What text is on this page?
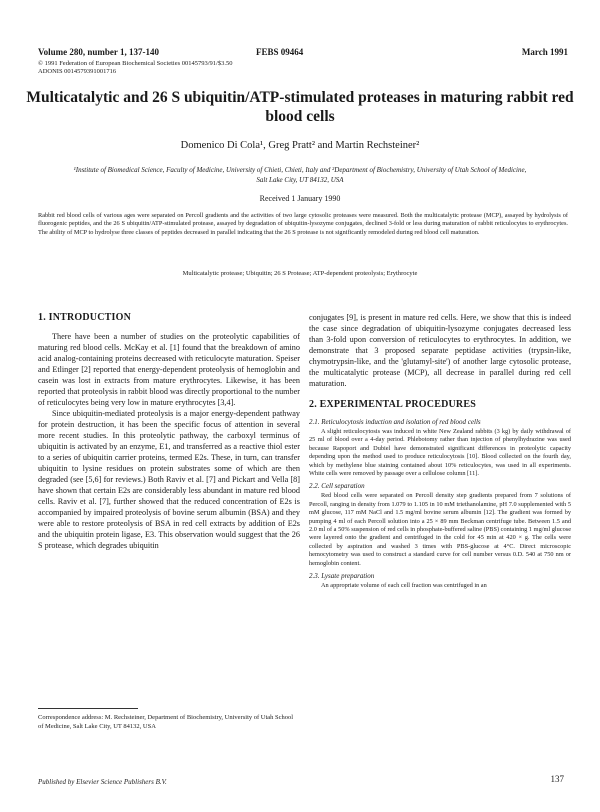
Volume 280, number 1, 137-140	FEBS 09464	March 1991
© 1991 Federation of European Biochemical Societies 00145793/91/$3.50
ADONIS 0014579391001716
Multicatalytic and 26 S ubiquitin/ATP-stimulated proteases in maturing rabbit red blood cells
Domenico Di Cola¹, Greg Pratt² and Martin Rechsteiner²
¹Institute of Biomedical Science, Faculty of Medicine, University of Chieti, Chieti, Italy and ²Department of Biochemistry, University of Utah School of Medicine, Salt Lake City, UT 84132, USA
Received 1 January 1990
Rabbit red blood cells of various ages were separated on Percoll gradients and the activities of two large cytosolic proteases were measured. Both the multicatalytic protease (MCP), assayed by hydrolysis of fluorogenic peptides, and the 26 S ubiquitin/ATP-stimulated protease, assayed by degradation of ubiquitin-lysozyme conjugates, declined 3-fold or less during maturation of rabbit reticulocytes to erythrocytes. The ability of MCP to hydrolyse three classes of peptides decreased in parallel indicating that the 26 S protease is not significantly remodeled during red blood cell maturation.
Multicatalytic protease; Ubiquitin; 26 S Protease; ATP-dependent proteolysis; Erythrocyte
1. INTRODUCTION

There have been a number of studies on the proteolytic capabilities of maturing red blood cells. McKay et al. [1] found that the breakdown of amino acid analog-containing proteins decreased with reticulocyte maturation. Speiser and Etlinger [2] reported that energy-dependent proteolysis of hemoglobin and casein was lost in extracts from mature erythrocytes. Likewise, it has been reported that proteolysis in rabbit blood was directly proportional to the number of reticulocytes being very low in mature erythrocytes [3,4].

Since ubiquitin-mediated proteolysis is a major energy-dependent pathway for protein destruction, it has been the specific focus of attention in several more recent studies. In this proteolytic pathway, the carboxyl terminus of ubiquitin is activated by an enzyme, E1, and transferred as a reactive thiol ester to a series of ubiquitin carrier proteins, termed E2s. These, in turn, can transfer ubiquitin to lysine residues on protein substrates some of which are then degraded (see [5,6] for reviews.) Both Raviv et al. [7] and Pickart and Vella [8] have shown that certain E2s are considerably less abundant in mature red blood cells. Raviv et al. [7], further showed that the reduced concentration of E2s is accompanied by impaired proteolysis of bovine serum albumin (BSA) and they were able to restore proteolysis of BSA in red cell extracts by addition of E2s and the ubiquitin protein ligase, E3. This observation would suggest that the 26 S protease, which degrades ubiquitin

Correspondence address: M. Rechsteiner, Department of Biochemistry, University of Utah School of Medicine, Salt Lake City, UT 84132, USA

conjugates [9], is present in mature red cells. Here, we show that this is indeed the case since degradation of ubiquitin-lysozyme conjugates decreased less than 3-fold upon conversion of reticulocytes to erythrocytes. In addition, we demonstrate that 3 proposed separate peptidase activities (trypsin-like, chymotrypsin-like, and the 'glutamyl-site') of another large cytosolic protease, the multicatalytic protease (MCP), all decrease in parallel during red cell maturation.

2. EXPERIMENTAL PROCEDURES
2.1. Reticulocytosis induction and isolation of red blood cells

A slight reticulocytosis was induced in white New Zealand rabbits (3 kg) by daily withdrawal of 25 ml of blood over a 4-day period. Phlebotomy rather than injection of phenylhydrazine was used because Rapoport and Dubiel have demonstrated significant differences in proteolytic capacity depending upon the method used to produce reticulocytosis [10]. Blood collected on the fourth day, which by methylene blue staining contained about 10% reticulocytes, was used in all experiments. White cells were removed by passage over a cellulose column [11].

2.2. Cell separation

Red blood cells were separated on Percoll density step gradients prepared from 7 solutions of Percoll, ranging in density from 1.079 to 1.105 in 10 mM triethanolamine, pH 7.0 supplemented with 5 mM glucose, 117 mM NaCl and 1.5 mg/ml bovine serum albumin [12]. The gradient was formed by pumping 4 ml of each Percoll solution into a 25 × 89 mm Beckman centrifuge tube. Between 1.5 and 2.0 ml of a 50% suspension of red cells in phosphate-buffered saline (PBS) containing 1 mg/ml glucose were layered onto the gradient and centrifuged in the cold for 45 min at 420 × g. The cells were collected by aspiration and washed 3 times with PBS-glucose at 4°C. Direct microscopic hemocytometry was used to construct a standard curve for cell number versus 0.D. 540 at 750 nm or hemoglobin content.

2.3. Lysate preparation

An appropriate volume of each cell fraction was centrifuged in an

Published by Elsevier Science Publishers B.V.	137
